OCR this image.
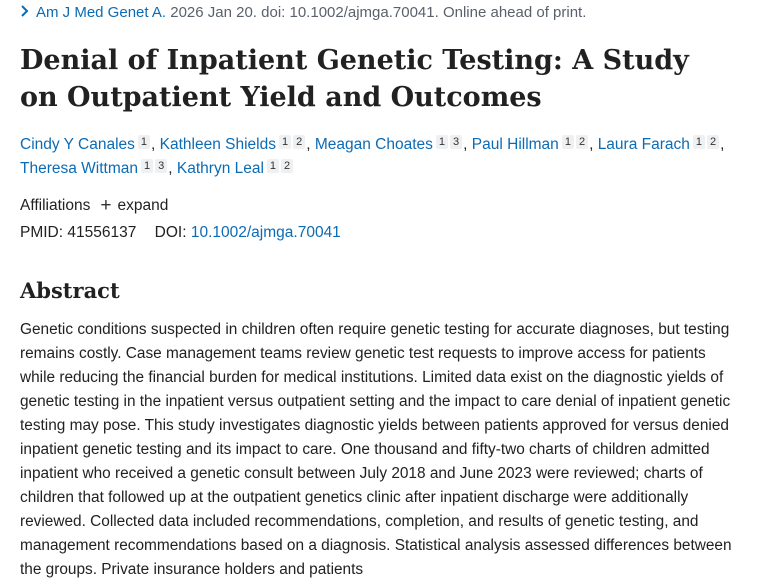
Am J Med Genet A. 2026 Jan 20. doi: 10.1002/ajmga.70041. Online ahead of print.
Denial of Inpatient Genetic Testing: A Study on Outpatient Yield and Outcomes
Cindy Y Canales 1 , Kathleen Shields 1 2 , Meagan Choates 1 3 , Paul Hillman 1 2 , Laura Farach 1 2 , Theresa Wittman 1 3 , Kathryn Leal 1 2
Affiliations + expand
PMID: 41556137 DOI: 10.1002/ajmga.70041
Abstract

Genetic conditions suspected in children often require genetic testing for accurate diagnoses, but testing remains costly. Case management teams review genetic test requests to improve access for patients while reducing the financial burden for medical institutions. Limited data exist on the diagnostic yields of genetic testing in the inpatient versus outpatient setting and the impact to care denial of inpatient genetic testing may pose. This study investigates diagnostic yields between patients approved for versus denied inpatient genetic testing and its impact to care. One thousand and fifty-two charts of children admitted inpatient who received a genetic consult between July 2018 and June 2023 were reviewed; charts of children that followed up at the outpatient genetics clinic after inpatient discharge were additionally reviewed. Collected data included recommendations, completion, and results of genetic testing, and management recommendations based on a diagnosis. Statistical analysis assessed differences between the groups. Private insurance holders and patients
